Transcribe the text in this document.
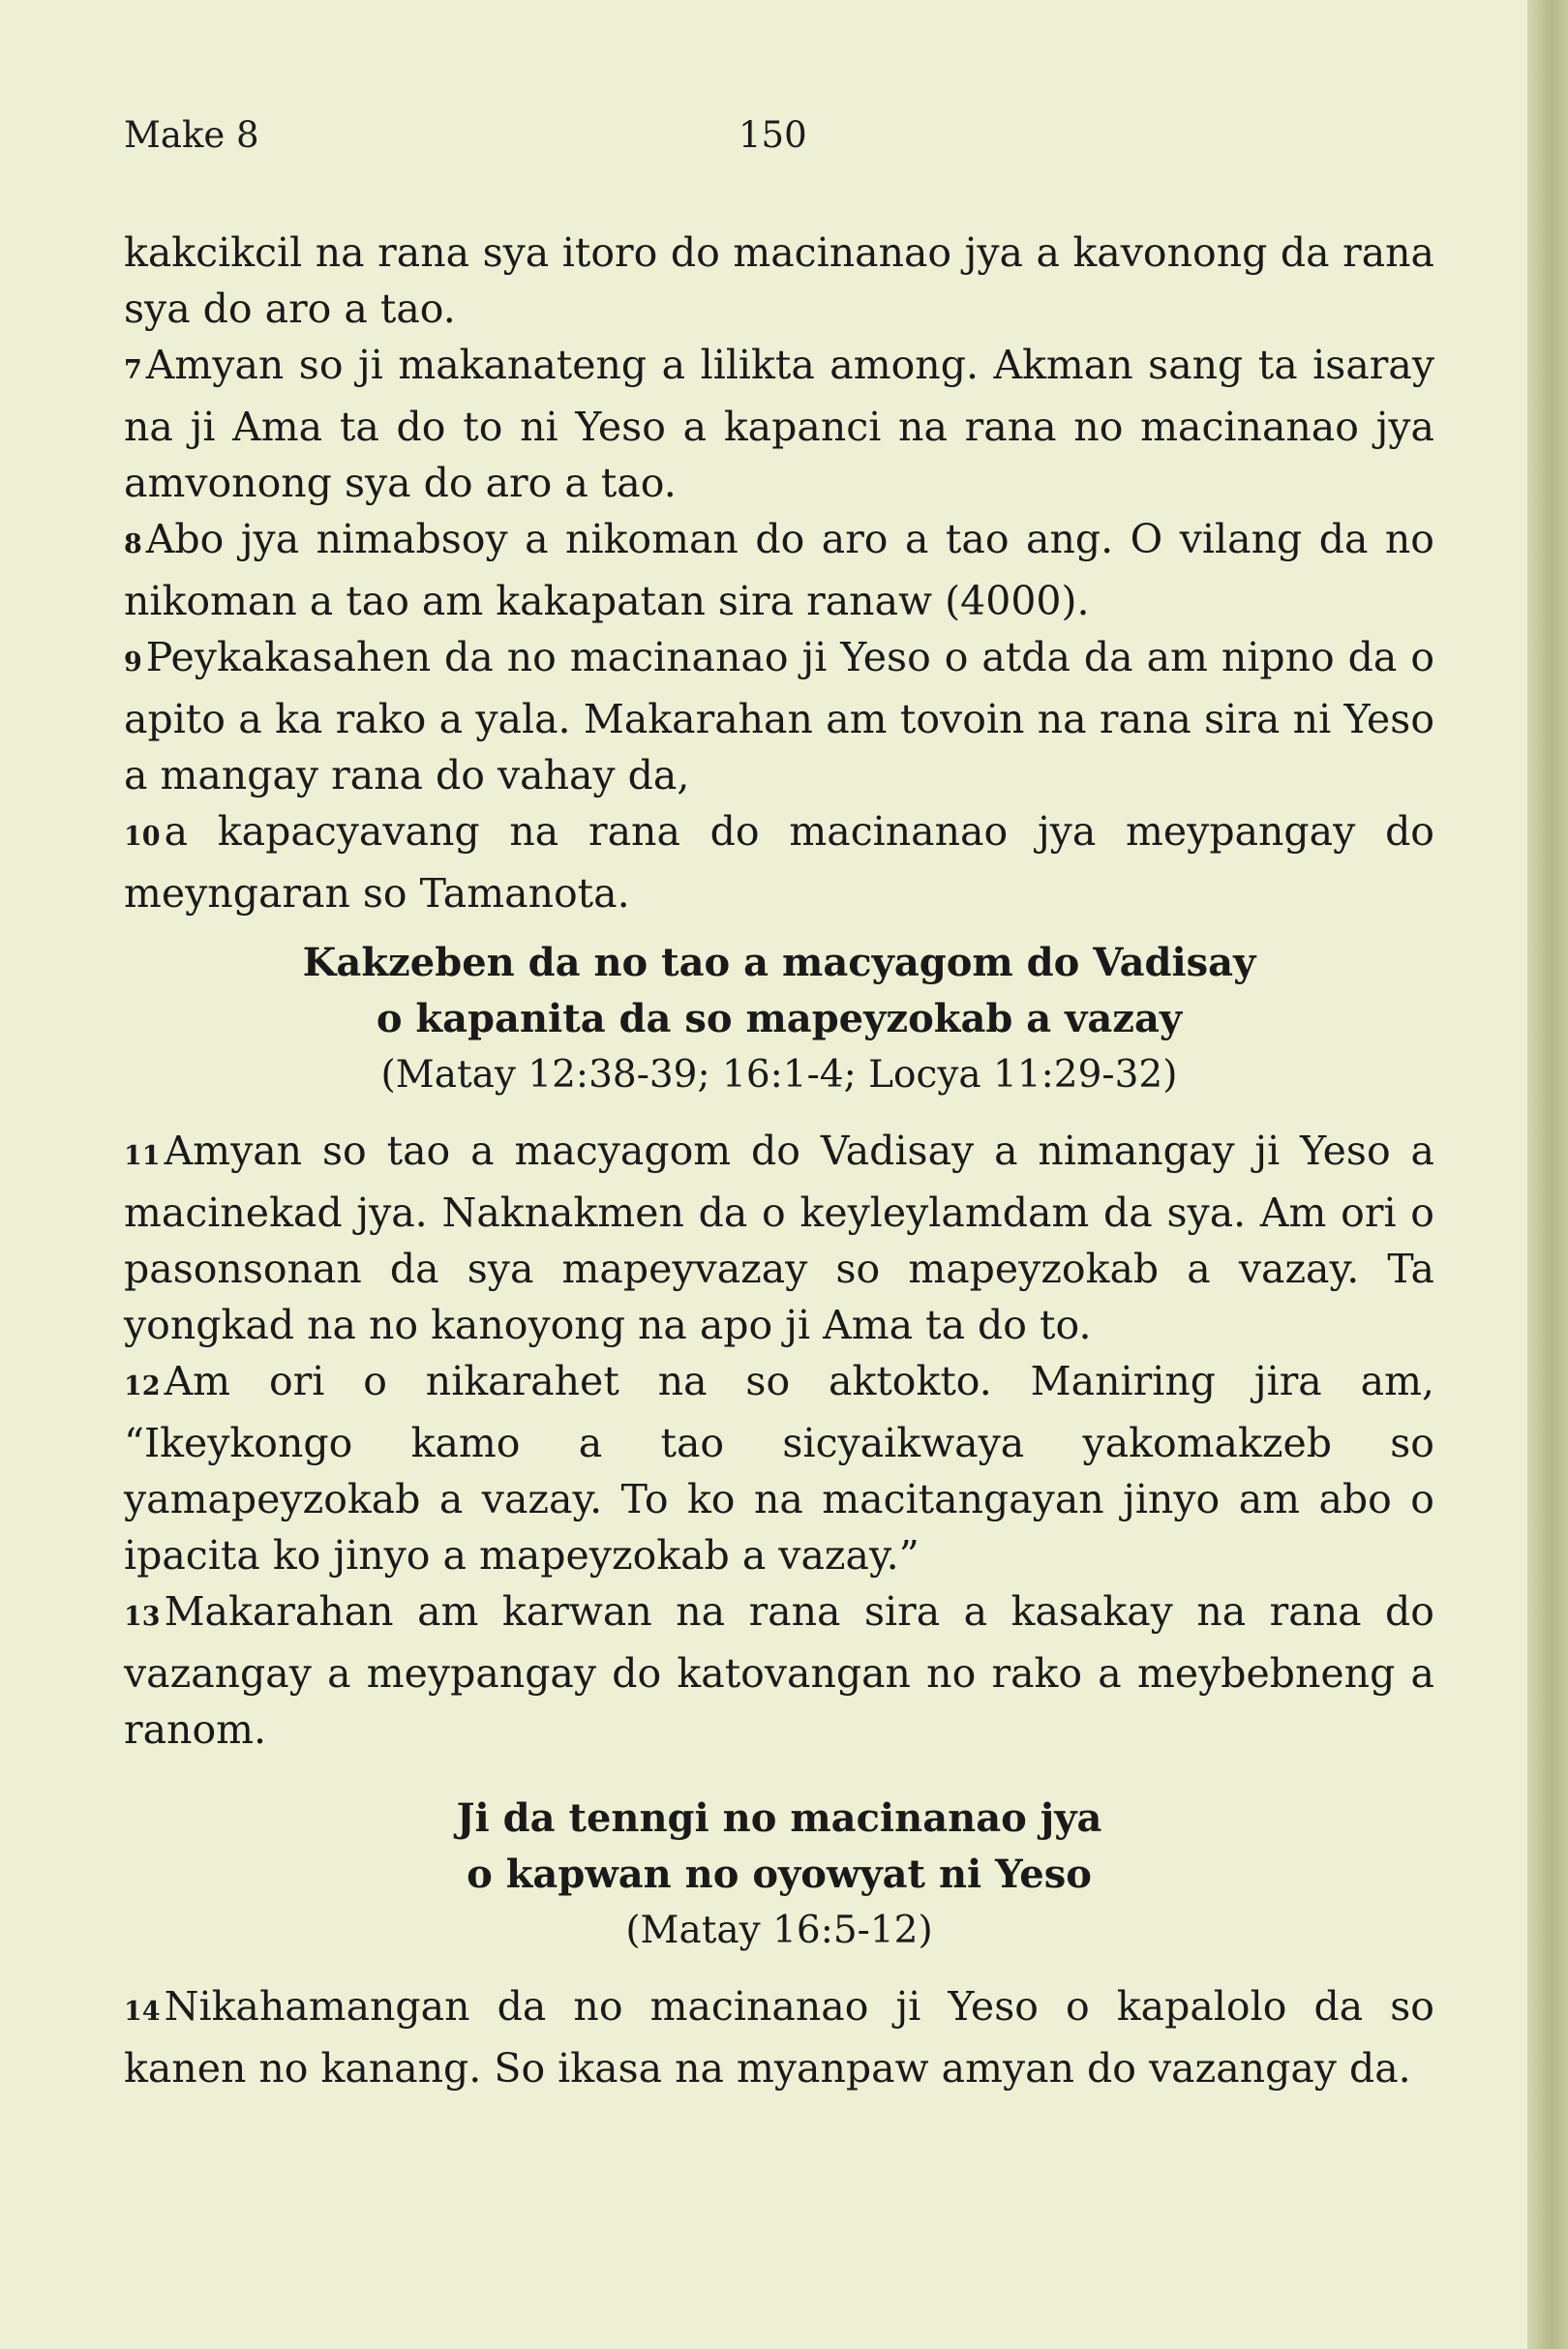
Make 8	150

kakcikcil na rana sya itoro do macinanao jya a kavonong da rana sya do aro a tao.

7Amyan so ji makanateng a lilikta among. Akman sang ta isaray na ji Ama ta do to ni Yeso a kapanci na rana no macinanao jya amvonong sya do aro a tao.

8Abo jya nimabsoy a nikoman do aro a tao ang. O vilang da no nikoman a tao am kakapatan sira ranaw (4000).

9Peykakasahen da no macinanao ji Yeso o atda da am nipno da o apito a ka rako a yala. Makarahan am tovoin na rana sira ni Yeso a mangay rana do vahay da,

10a kapacyavang na rana do macinanao jya meypangay do meyngaran so Tamanota.

Kakzeben da no tao a macyagom do Vadisay

o kapanita da so mapeyzokab a vazay

(Matay 12:38-39; 16:1-4; Locya 11:29-32)

11Amyan so tao a macyagom do Vadisay a nimangay ji Yeso a macinekad jya. Naknakmen da o keyleylamdam da sya. Am ori o pasonsonan da sya mapeyvazay so mapeyzokab a vazay. Ta yongkad na no kanoyong na apo ji Ama ta do to.

12Am ori o nikarahet na so aktokto. Maniring jira am, “Ikeykongo kamo a tao sicyaikwaya yakomakzeb so yamapeyzokab a vazay. To ko na macitangayan jinyo am abo o ipacita ko jinyo a mapeyzokab a vazay.”

13Makarahan am karwan na rana sira a kasakay na rana do vazangay a meypangay do katovangan no rako a meybebneng a ranom.

Ji da tenngi no macinanao jya

o kapwan no oyowyat ni Yeso

(Matay 16:5-12)

14Nikahamangan da no macinanao ji Yeso o kapalolo da so kanen no kanang. So ikasa na myanpaw amyan do vazangay da.
